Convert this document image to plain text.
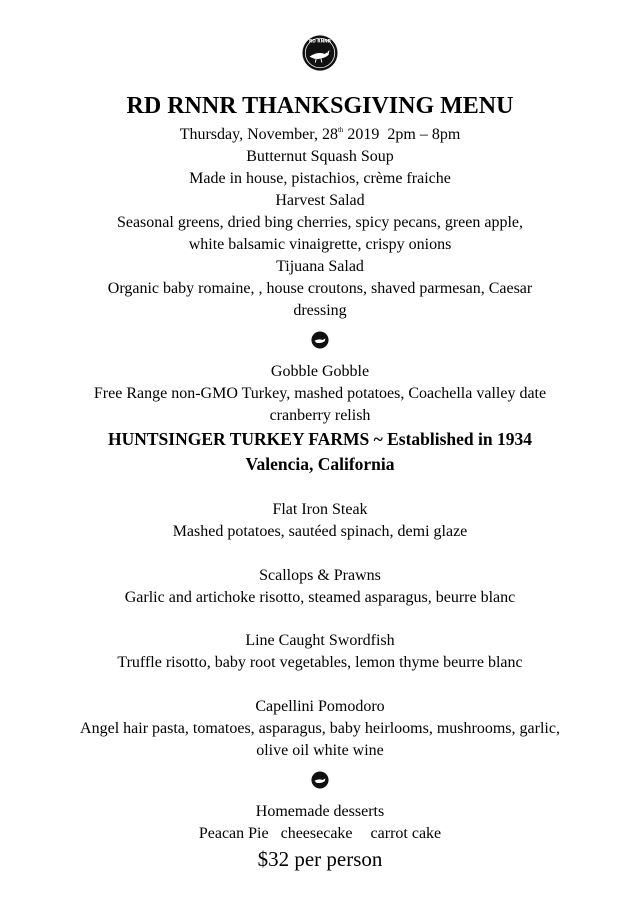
RD RNNR
RD RNNR THANKSGIVING MENU
Thursday, November, 28th 2019 2pm – 8pm
Butternut Squash Soup
Made in house, pistachios, crème fraiche
Harvest Salad
Seasonal greens, dried bing cherries, spicy pecans, green apple,
white balsamic vinaigrette, crispy onions
Tijuana Salad
Organic baby romaine, , house croutons, shaved parmesan, Caesar
dressing
Gobble Gobble
Free Range non-GMO Turkey, mashed potatoes, Coachella valley date
cranberry relish
HUNTSINGER TURKEY FARMS ~ Established in 1934
Valencia, California
Flat Iron Steak
Mashed potatoes, sautéed spinach, demi glaze
Scallops & Prawns
Garlic and artichoke risotto, steamed asparagus, beurre blanc
Line Caught Swordfish
Truffle risotto, baby root vegetables, lemon thyme beurre blanc
Capellini Pomodoro
Angel hair pasta, tomatoes, asparagus, baby heirlooms, mushrooms, garlic,
olive oil white wine
Homemade desserts
Peacan Pie cheesecake carrot cake
$32 per person
